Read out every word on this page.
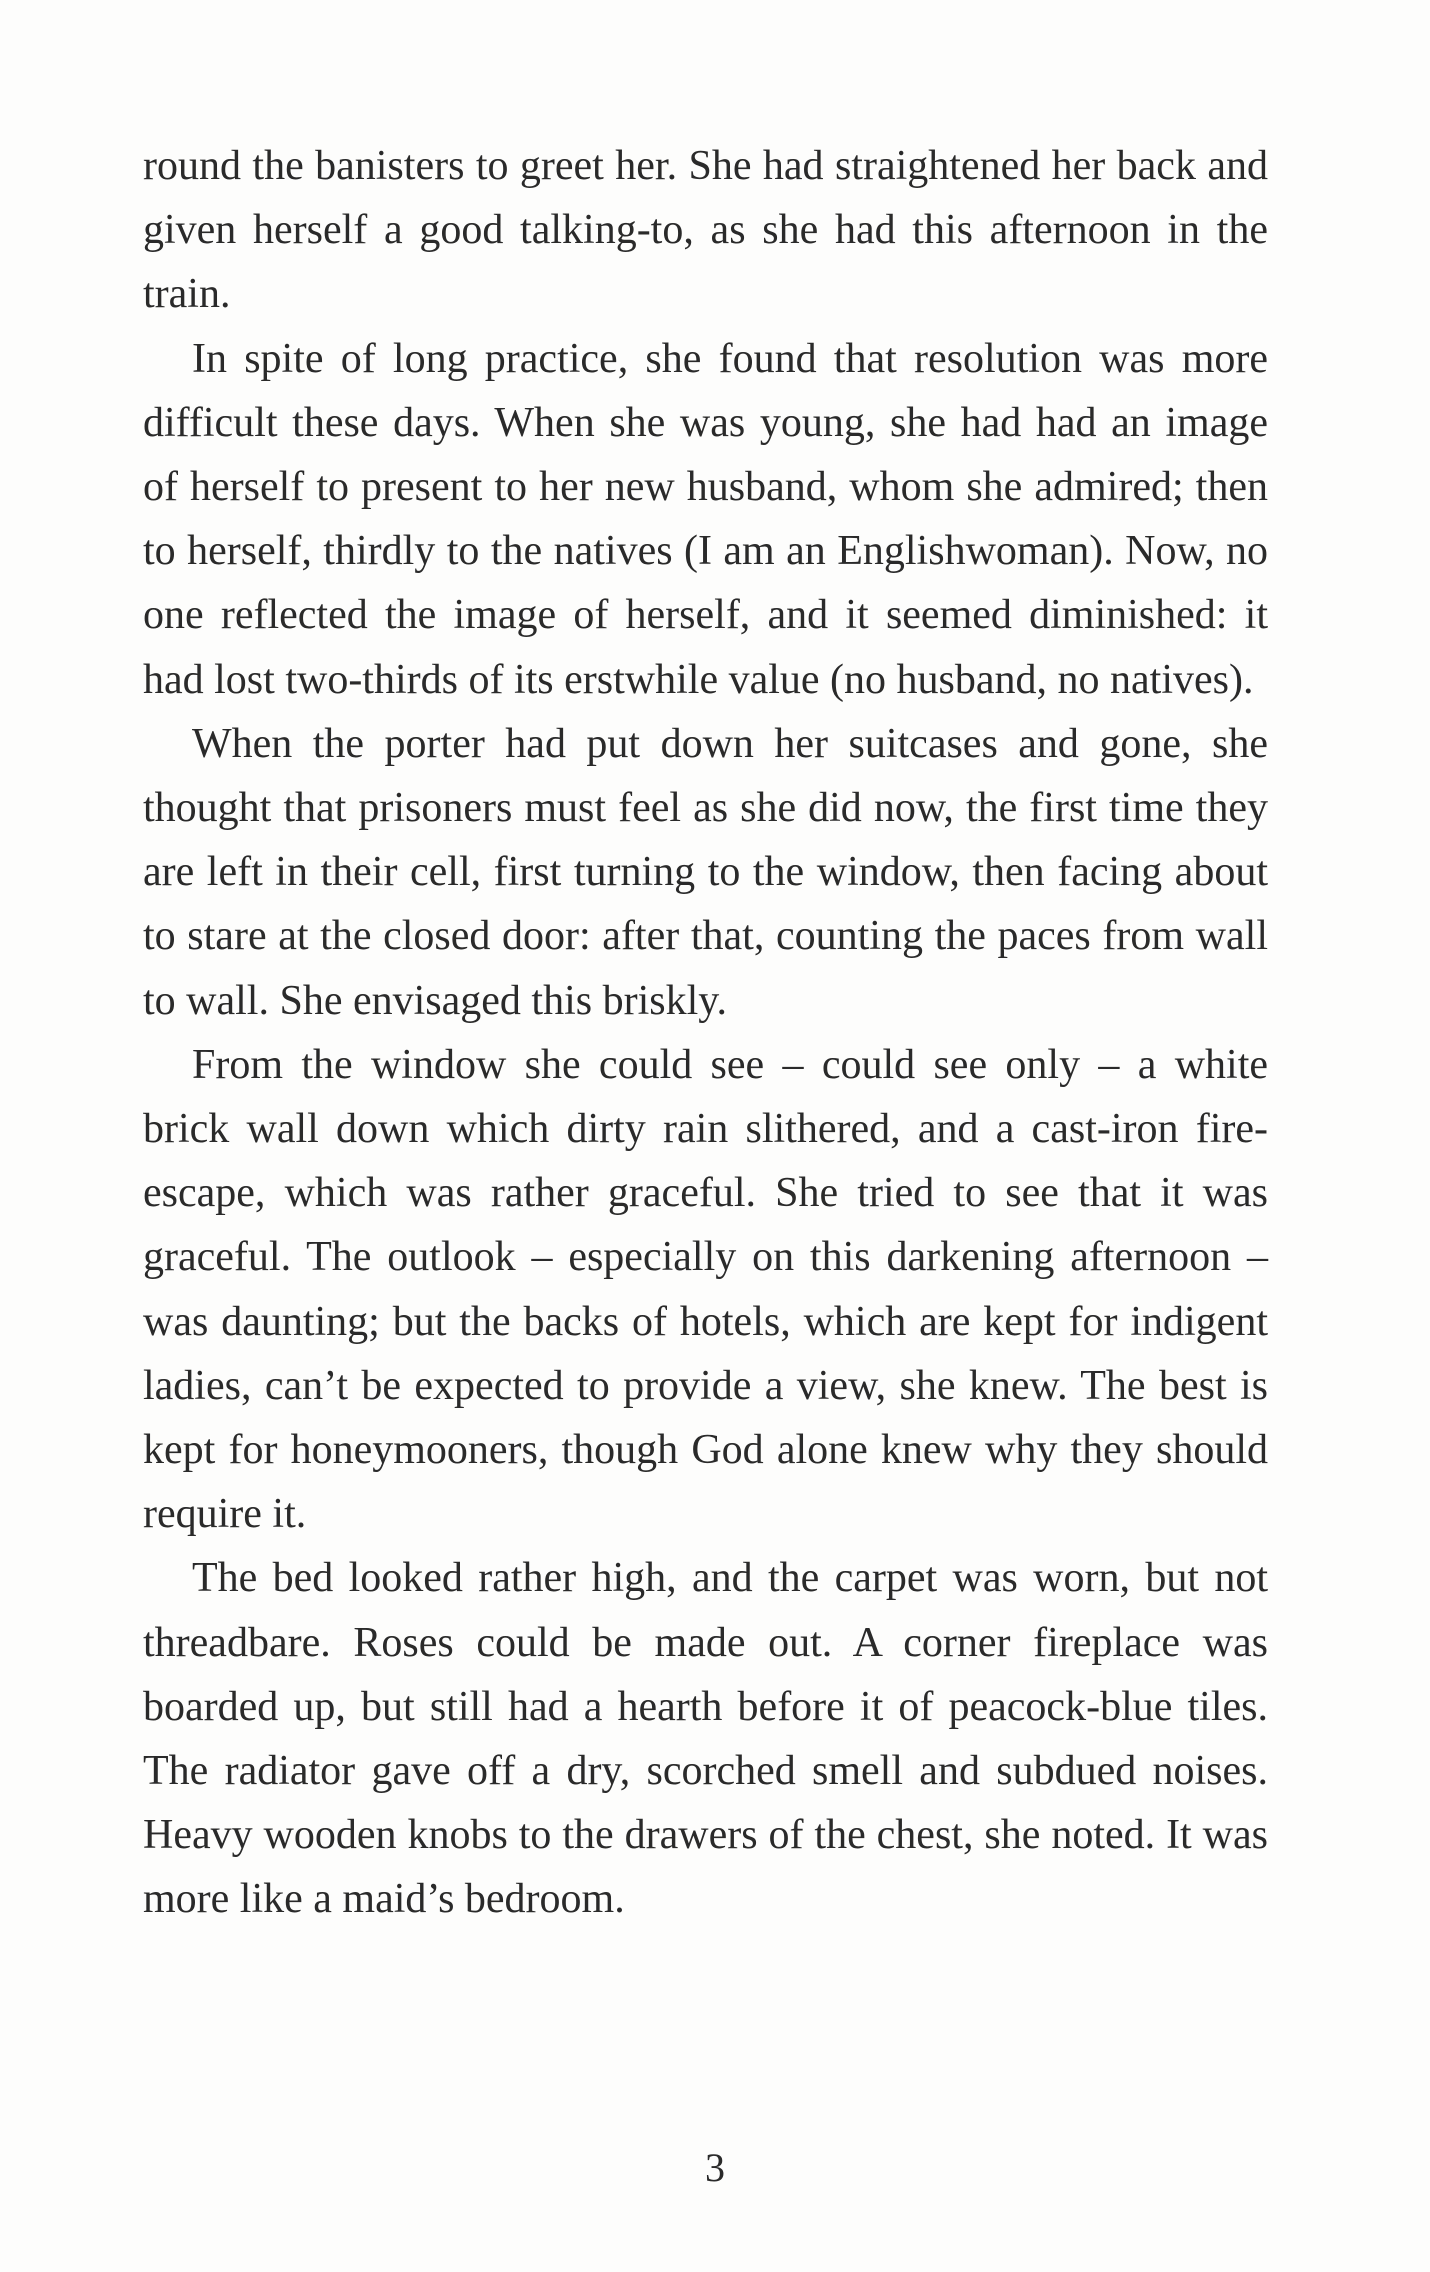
round the banisters to greet her. She had straightened her back and given herself a good talking-to, as she had this afternoon in the train.

In spite of long practice, she found that resolution was more difficult these days. When she was young, she had had an image of herself to present to her new husband, whom she admired; then to herself, thirdly to the natives (I am an Englishwoman). Now, no one reflected the image of herself, and it seemed diminished: it had lost two-thirds of its erstwhile value (no husband, no natives).

When the porter had put down her suitcases and gone, she thought that prisoners must feel as she did now, the first time they are left in their cell, first turning to the window, then facing about to stare at the closed door: after that, counting the paces from wall to wall. She envisaged this briskly.

From the window she could see – could see only – a white brick wall down which dirty rain slithered, and a cast-iron fire-escape, which was rather graceful. She tried to see that it was graceful. The outlook – especially on this darkening afternoon – was daunting; but the backs of hotels, which are kept for indigent ladies, can’t be expected to provide a view, she knew. The best is kept for honeymooners, though God alone knew why they should require it.

The bed looked rather high, and the carpet was worn, but not threadbare. Roses could be made out. A corner fireplace was boarded up, but still had a hearth before it of peacock-blue tiles. The radiator gave off a dry, scorched smell and subdued noises. Heavy wooden knobs to the drawers of the chest, she noted. It was more like a maid’s bedroom.

3
